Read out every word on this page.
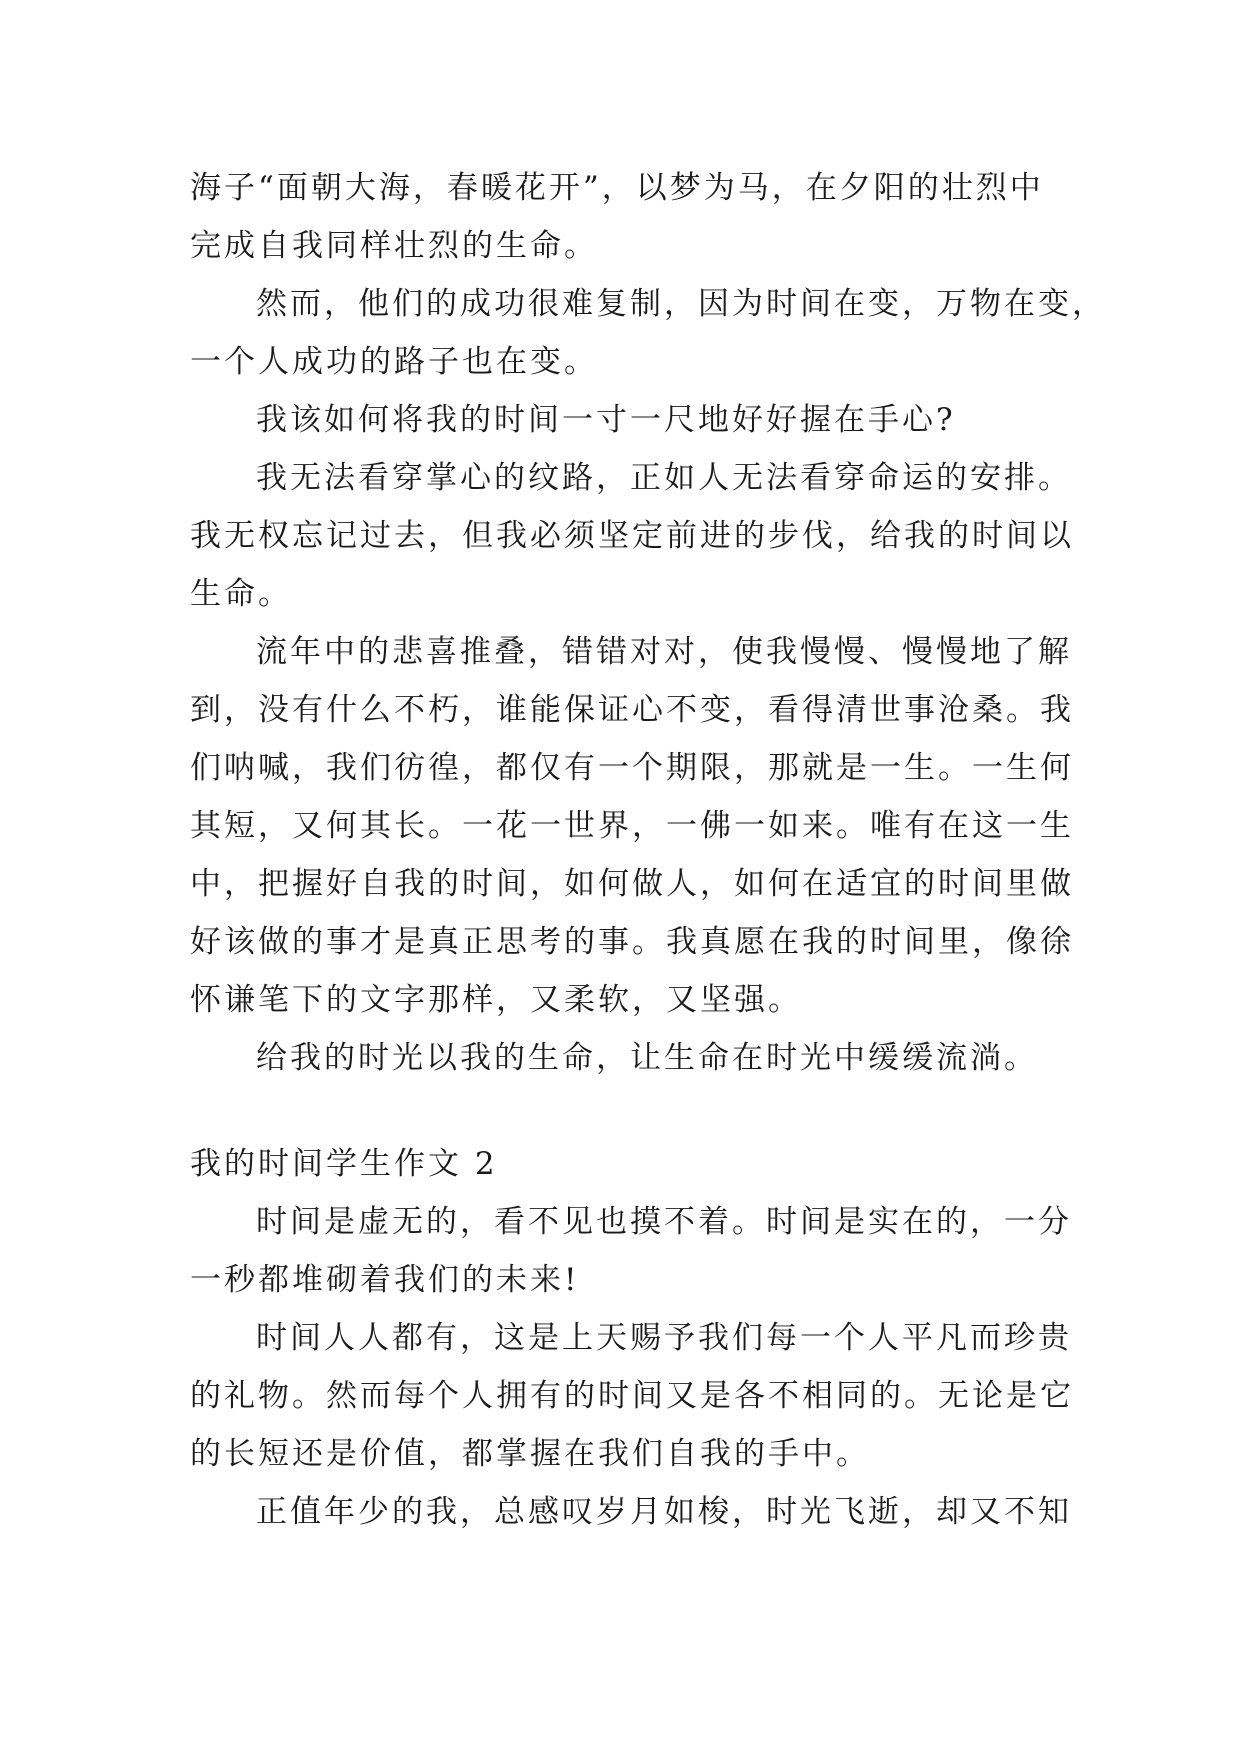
海子“面朝大海，春暖花开”，以梦为马，在夕阳的壮烈中
完成自我同样壮烈的生命。
然而，他们的成功很难复制，因为时间在变，万物在变，
一个人成功的路子也在变。
我该如何将我的时间一寸一尺地好好握在手心?
我无法看穿掌心的纹路，正如人无法看穿命运的安排。
我无权忘记过去，但我必须坚定前进的步伐，给我的时间以
生命。
流年中的悲喜推叠，错错对对，使我慢慢、慢慢地了解
到，没有什么不朽，谁能保证心不变，看得清世事沧桑。我
们呐喊，我们彷徨，都仅有一个期限，那就是一生。一生何
其短，又何其长。一花一世界，一佛一如来。唯有在这一生
中，把握好自我的时间，如何做人，如何在适宜的时间里做
好该做的事才是真正思考的事。我真愿在我的时间里，像徐
怀谦笔下的文字那样，又柔软，又坚强。
给我的时光以我的生命，让生命在时光中缓缓流淌。
我的时间学生作文 2
时间是虚无的，看不见也摸不着。时间是实在的，一分
一秒都堆砌着我们的未来!
时间人人都有，这是上天赐予我们每一个人平凡而珍贵
的礼物。然而每个人拥有的时间又是各不相同的。无论是它
的长短还是价值，都掌握在我们自我的手中。
正值年少的我，总感叹岁月如梭，时光飞逝，却又不知
